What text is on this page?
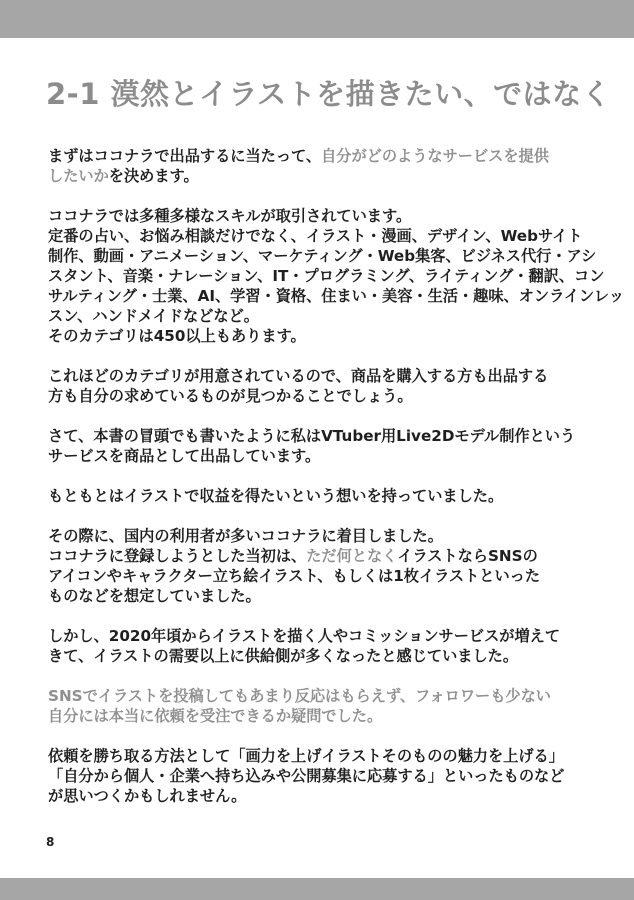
2-1 漠然とイラストを描きたい、ではなく
まずはココナラで出品するに当たって、自分がどのようなサービスを提供
したいかを決めます。
ココナラでは多種多様なスキルが取引されています。
定番の占い、お悩み相談だけでなく、イラスト・漫画、デザイン、Webサイト
制作、動画・アニメーション、マーケティング・Web集客、ビジネス代行・アシ
スタント、音楽・ナレーション、IT・プログラミング、ライティング・翻訳、コン
サルティング・士業、AI、学習・資格、住まい・美容・生活・趣味、オンラインレッ
スン、ハンドメイドなどなど。
そのカテゴリは450以上もあります。
これほどのカテゴリが用意されているので、商品を購入する方も出品する
方も自分の求めているものが見つかることでしょう。
さて、本書の冒頭でも書いたように私はVTuber用Live2Dモデル制作という
サービスを商品として出品しています。
もともとはイラストで収益を得たいという想いを持っていました。
その際に、国内の利用者が多いココナラに着目しました。
ココナラに登録しようとした当初は、ただ何となくイラストならSNSの
アイコンやキャラクター立ち絵イラスト、もしくは1枚イラストといった
ものなどを想定していました。
しかし、2020年頃からイラストを描く人やコミッションサービスが増えて
きて、イラストの需要以上に供給側が多くなったと感じていました。
SNSでイラストを投稿してもあまり反応はもらえず、フォロワーも少ない
自分には本当に依頼を受注できるか疑問でした。
依頼を勝ち取る方法として「画力を上げイラストそのものの魅力を上げる」
「自分から個人・企業へ持ち込みや公開募集に応募する」といったものなど
が思いつくかもしれません。
8
